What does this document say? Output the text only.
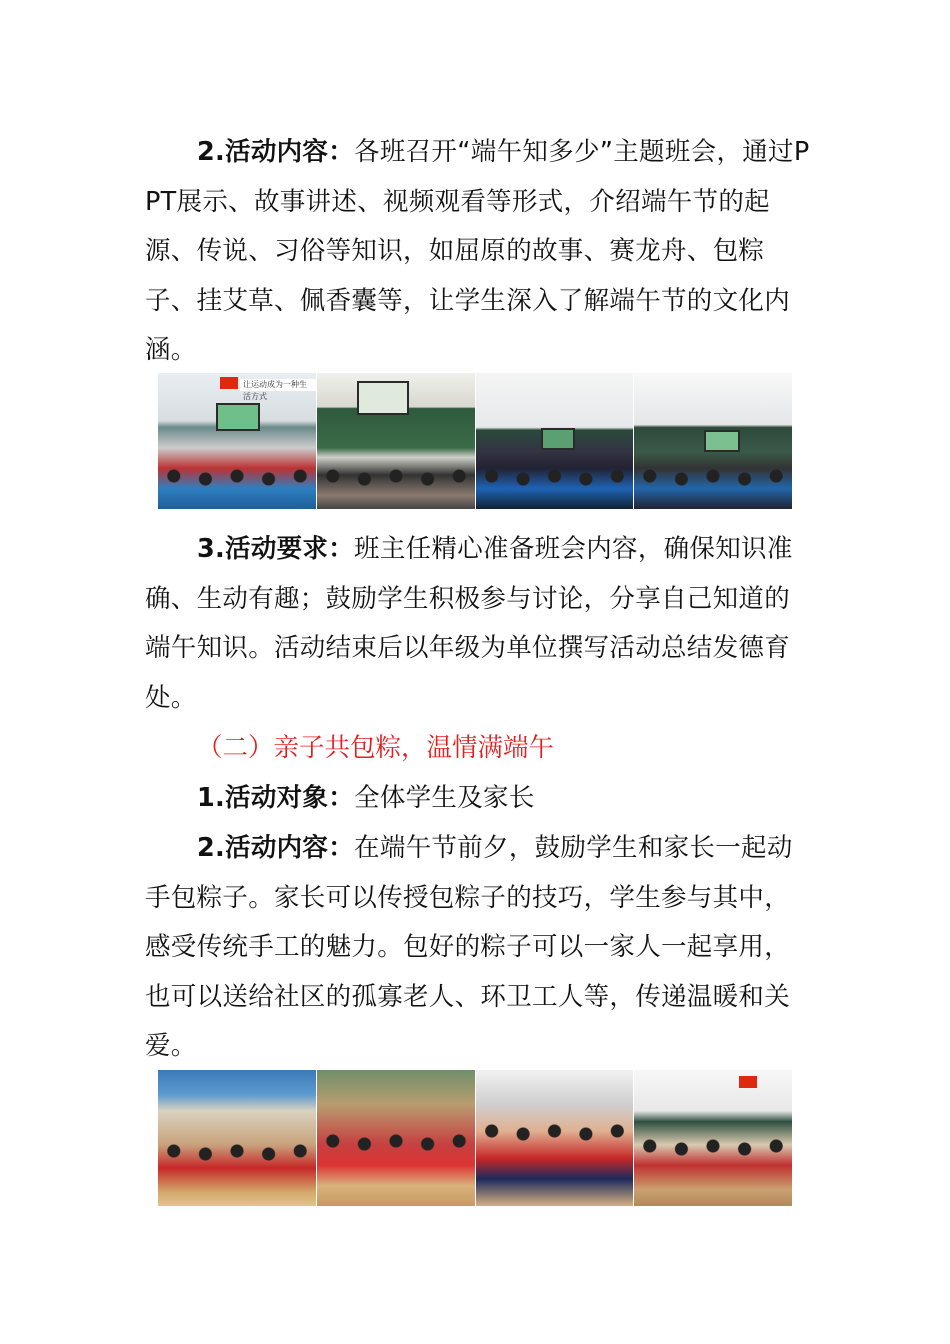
2.活动内容：各班召开“端午知多少”主题班会，通过PPT展示、故事讲述、视频观看等形式，介绍端午节的起源、传说、习俗等知识，如屈原的故事、赛龙舟、包粽子、挂艾草、佩香囊等，让学生深入了解端午节的文化内涵。

让运动成为一种生活方式

3.活动要求：班主任精心准备班会内容，确保知识准确、生动有趣；鼓励学生积极参与讨论，分享自己知道的端午知识。活动结束后以年级为单位撰写活动总结发德育处。

（二）亲子共包粽，温情满端午

1.活动对象：全体学生及家长

2.活动内容：在端午节前夕，鼓励学生和家长一起动手包粽子。家长可以传授包粽子的技巧，学生参与其中，感受传统手工的魅力。包好的粽子可以一家人一起享用，也可以送给社区的孤寡老人、环卫工人等，传递温暖和关爱。
